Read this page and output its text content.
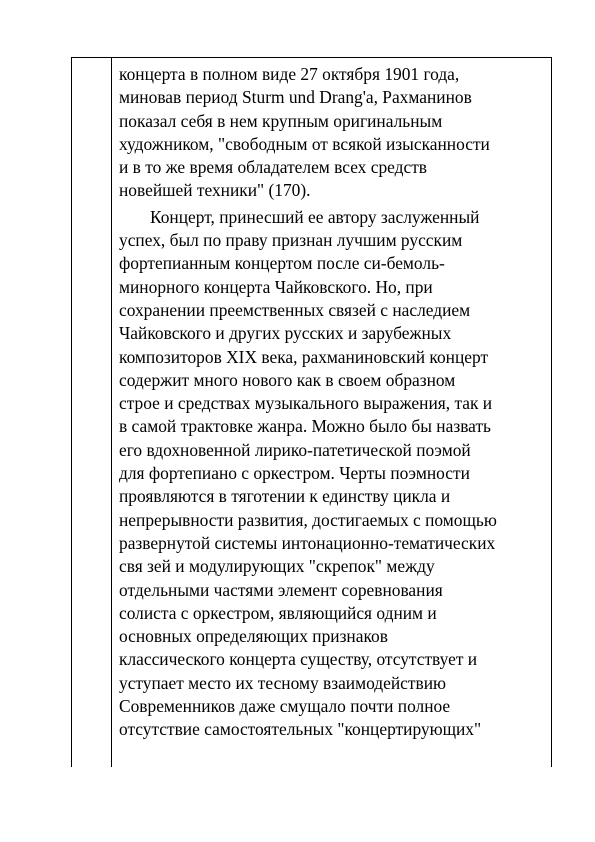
концерта в полном виде 27 октября 1901 года,
миновав период Sturm und Drang'a, Рахманинов
показал себя в нем крупным оригинальным
художником, "свободным от всякой изысканности
и в то же время обладателем всех средств
новейшей техники" (170).
Концерт, принесший ее автору заслуженный
успех, был по праву признан лучшим русским
фортепианным концертом после си-бемоль-
минорного концерта Чайковского. Но, при
сохранении преемственных связей с наследием
Чайковского и других русских и зарубежных
композиторов XIX века, рахманиновский концерт
содержит много нового как в своем образном
строе и средствах музыкального выражения, так и
в самой трактовке жанра. Можно было бы назвать
его вдохновенной лирико-патетической поэмой
для фортепиано с оркестром. Черты поэмности
проявляются в тяготении к единству цикла и
непрерывности развития, достигаемых с помощью
развернутой системы интонационно-тематических
свя зей и модулирующих "скрепок" между
отдельными частями элемент соревнования
солиста с оркестром, являющийся одним и
основных определяющих признаков
классического концерта существу, отсутствует и
уступает место их тесному взаимодействию
Современников даже смущало почти полное
отсутствие самостоятельных "концертирующих"
